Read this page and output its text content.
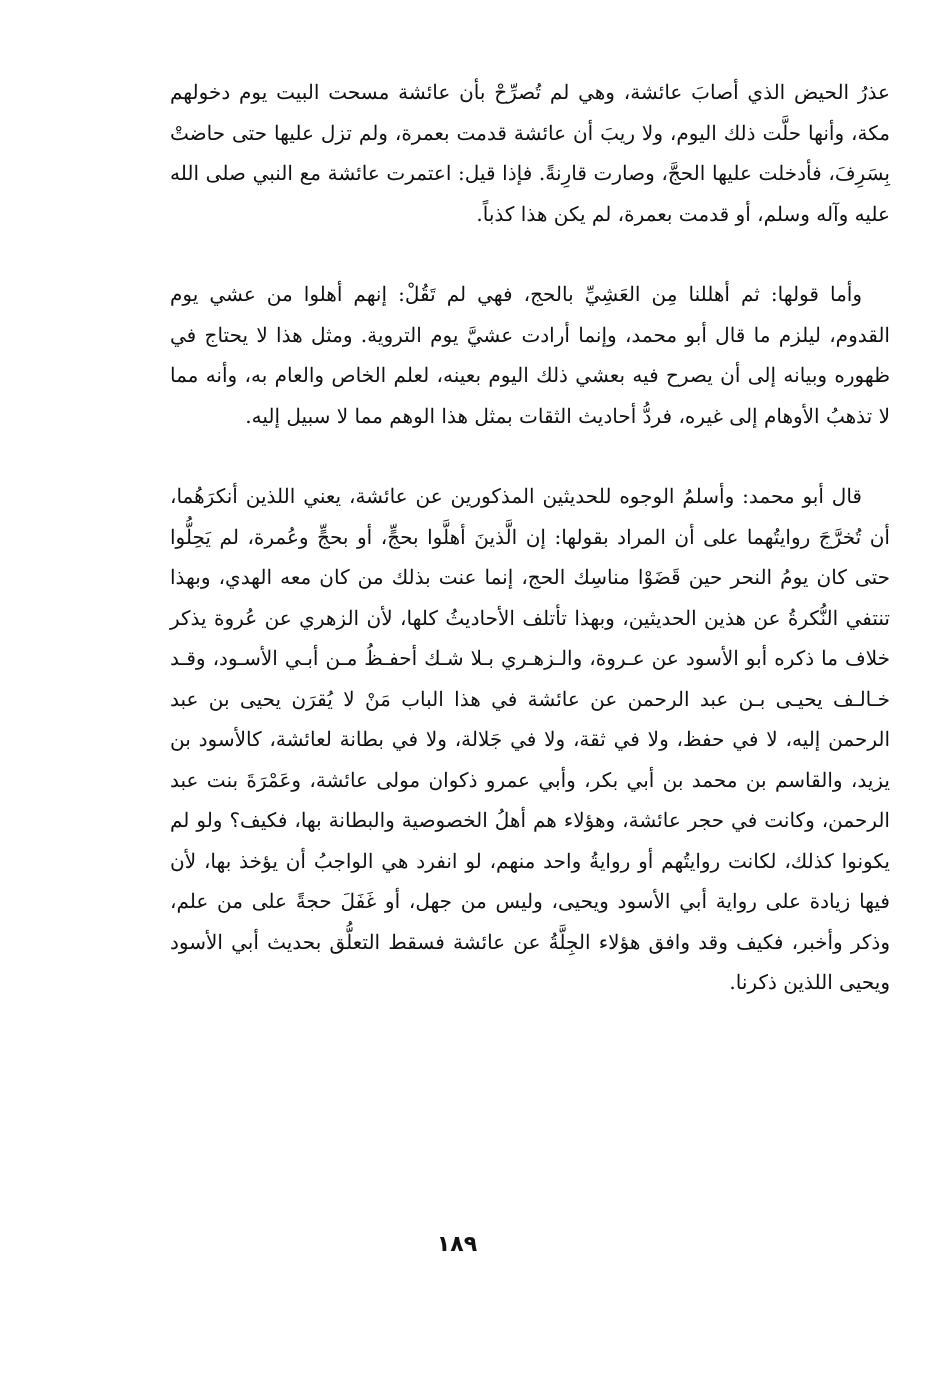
عذرُ الحيض الذي أصابَ عائشة، وهي لم تُصرِّحْ بأن عائشة مسحت البيت يوم دخولهم مكة، وأنها حلَّت ذلك اليوم، ولا ريبَ أن عائشة قدمت بعمرة، ولم تزل عليها حتى حاضتْ بِسَرِفَ، فأدخلت عليها الحجَّ، وصارت قارِنةً. فإذا قيل: اعتمرت عائشة مع النبي صلى الله عليه وآله وسلم، أو قدمت بعمرة، لم يكن هذا كذباً.

وأما قولها: ثم أهللنا مِن العَشِيِّ بالحج، فهي لم تَقُلْ: إنهم أهلوا من عشي يوم القدوم، ليلزم ما قال أبو محمد، وإنما أرادت عشيَّ يوم التروية. ومثل هذا لا يحتاج في ظهوره وبيانه إلى أن يصرح فيه بعشي ذلك اليوم بعينه، لعلم الخاص والعام به، وأنه مما لا تذهبُ الأوهام إلى غيره، فردُّ أحاديث الثقات بمثل هذا الوهم مما لا سبيل إليه.

قال أبو محمد: وأسلمُ الوجوه للحديثين المذكورين عن عائشة، يعني اللذين أنكرَهُما، أن تُخرَّجَ روايتُهما على أن المراد بقولها: إن الَّذينَ أهلَّوا بحجٍّ، أو بحجٍّ وعُمرة، لم يَحِلُّوا حتى كان يومُ النحر حين قَضَوْا مناسِك الحج، إنما عنت بذلك من كان معه الهدي، وبهذا تنتفي النُّكرةُ عن هذين الحديثين، وبهذا تأتلف الأحاديثُ كلها، لأن الزهري عن عُروة يذكر خلاف ما ذكره أبو الأسود عن عـروة، والـزهـري بـلا شـك أحفـظُ مـن أبـي الأسـود، وقـد خـالـف يحيـى بـن عبد الرحمن عن عائشة في هذا الباب مَنْ لا يُقرَن يحيى بن عبد الرحمن إليه، لا في حفظ، ولا في ثقة، ولا في جَلالة، ولا في بطانة لعائشة، كالأسود بن يزيد، والقاسم بن محمد بن أبي بكر، وأبي عمرو ذكوان مولى عائشة، وعَمْرَةَ بنت عبد الرحمن، وكانت في حجر عائشة، وهؤلاء هم أهلُ الخصوصية والبطانة بها، فكيف؟ ولو لم يكونوا كذلك، لكانت روايتُهم أو روايةُ واحد منهم، لو انفرد هي الواجبُ أن يؤخذ بها، لأن فيها زيادة على رواية أبي الأسود ويحيى، وليس من جهل، أو غَفَلَ حجةً على من علم، وذكر وأخبر، فكيف وقد وافق هؤلاء الجِلَّةُ عن عائشة فسقط التعلُّق بحديث أبي الأسود ويحيى اللذين ذكرنا.

١٨٩
